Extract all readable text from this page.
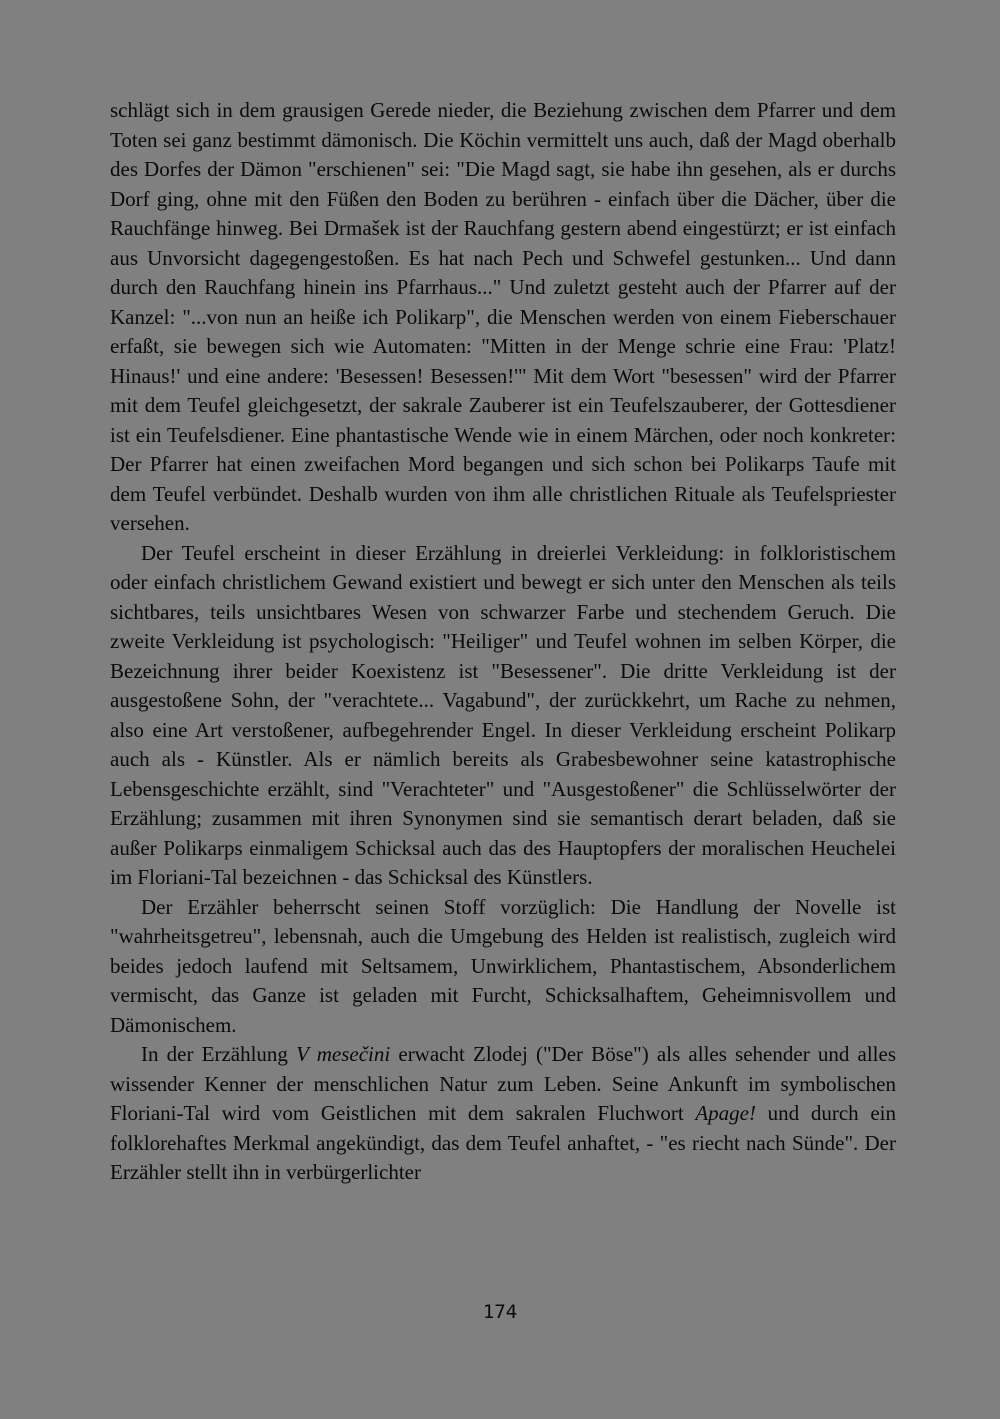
schlägt sich in dem grausigen Gerede nieder, die Beziehung zwischen dem Pfarrer und dem Toten sei ganz bestimmt dämonisch. Die Köchin vermittelt uns auch, daß der Magd oberhalb des Dorfes der Dämon "erschienen" sei: "Die Magd sagt, sie habe ihn gesehen, als er durchs Dorf ging, ohne mit den Füßen den Boden zu berühren - einfach über die Dächer, über die Rauchfänge hinweg. Bei Drmašek ist der Rauchfang gestern abend eingestürzt; er ist einfach aus Unvorsicht dagegengestoßen. Es hat nach Pech und Schwefel gestunken... Und dann durch den Rauchfang hinein ins Pfarrhaus..." Und zuletzt gesteht auch der Pfarrer auf der Kanzel: "...von nun an heiße ich Polikarp", die Menschen werden von einem Fieberschauer erfaßt, sie bewegen sich wie Automaten: "Mitten in der Menge schrie eine Frau: 'Platz! Hinaus!' und eine andere: 'Besessen! Besessen!'" Mit dem Wort "besessen" wird der Pfarrer mit dem Teufel gleichgesetzt, der sakrale Zauberer ist ein Teufelszauberer, der Gottesdiener ist ein Teufelsdiener. Eine phantastische Wende wie in einem Märchen, oder noch konkreter: Der Pfarrer hat einen zweifachen Mord begangen und sich schon bei Polikarps Taufe mit dem Teufel verbündet. Deshalb wurden von ihm alle christlichen Rituale als Teufelspriester versehen.

Der Teufel erscheint in dieser Erzählung in dreierlei Verkleidung: in folkloristischem oder einfach christlichem Gewand existiert und bewegt er sich unter den Menschen als teils sichtbares, teils unsichtbares Wesen von schwarzer Farbe und stechendem Geruch. Die zweite Verkleidung ist psychologisch: "Heiliger" und Teufel wohnen im selben Körper, die Bezeichnung ihrer beider Koexistenz ist "Besessener". Die dritte Verkleidung ist der ausgestoßene Sohn, der "verachtete... Vagabund", der zurückkehrt, um Rache zu nehmen, also eine Art verstoßener, aufbegehrender Engel. In dieser Verkleidung erscheint Polikarp auch als - Künstler. Als er nämlich bereits als Grabesbewohner seine katastrophische Lebensgeschichte erzählt, sind "Verachteter" und "Ausgestoßener" die Schlüsselwörter der Erzählung; zusammen mit ihren Synonymen sind sie semantisch derart beladen, daß sie außer Polikarps einmaligem Schicksal auch das des Hauptopfers der moralischen Heuchelei im Floriani-Tal bezeichnen - das Schicksal des Künstlers.

Der Erzähler beherrscht seinen Stoff vorzüglich: Die Handlung der Novelle ist "wahrheitsgetreu", lebensnah, auch die Umgebung des Helden ist realistisch, zugleich wird beides jedoch laufend mit Seltsamem, Unwirklichem, Phantastischem, Absonderlichem vermischt, das Ganze ist geladen mit Furcht, Schicksalhaftem, Geheimnisvollem und Dämonischem.

In der Erzählung V mesečini erwacht Zlodej ("Der Böse") als alles sehender und alles wissender Kenner der menschlichen Natur zum Leben. Seine Ankunft im symbolischen Floriani-Tal wird vom Geistlichen mit dem sakralen Fluchwort Apage! und durch ein folklorehaftes Merkmal angekündigt, das dem Teufel anhaftet, - "es riecht nach Sünde". Der Erzähler stellt ihn in verbürgerlichter

174
